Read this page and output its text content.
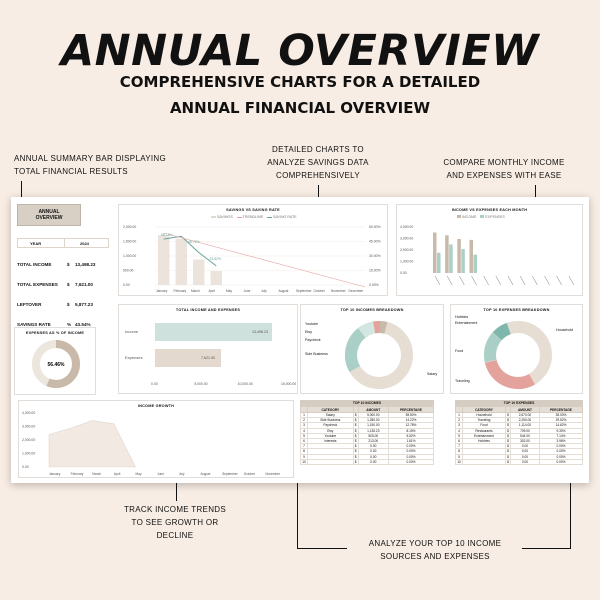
ANNUAL OVERVIEW
COMPREHENSIVE CHARTS FOR A DETAILED
ANNUAL FINANCIAL OVERVIEW
ANNUAL SUMMARY BAR DISPLAYING
TOTAL FINANCIAL RESULTS
DETAILED CHARTS TO
ANALYZE SAVINGS DATA
COMPREHENSIVELY
COMPARE MONTHLY INCOME
AND EXPENSES WITH EASE
TRACK INCOME TRENDS
TO SEE GROWTH OR
DECLINE
ANALYZE YOUR TOP 10 INCOME
SOURCES AND EXPENSES
ANNUAL
OVERVIEW
YEAR	2024
TOTAL INCOME	$ 13,498.23
TOTAL EXPENSES $ 7,621.00
LEFTOVER	$ 5,877.23
SAVINGS RATE	% 43.54%
EXPENSES AS % OF INCOME
56.46%
SAVINGS VS SAVING RATE
SAVINGS	TRENDLINE	SAVING RATE
2,000.00	60.00%
1,500.00	45.00%
1,000.00	30.00%
500.00	15.00%
0.00	0.00%
January February March	April	May	June	July	August September October November December
58.13%
45.75%
23.52%
INCOME VS EXPENSES EACH MONTH
INCOME	EXPENSES
4,000.00
3,000.00
2,000.00
1,000.00
0.00
TOTAL INCOME AND EXPENSES
Income	13,498.23
Expenses	7,621.00
0.00	5,000.00	10,000.00	15,000.00
TOP 10 INCOMES BREAKDOWN
Youtube
Etsy
Paycheck
Side Business
Salary
TOP 10 EXPENSES BREAKDOWN
Hobbies
Entertainment
Food
Traveling
Household
INCOME GROWTH
4,000.00
3,000.00
2,000.00
1,000.00
0.00
January	February	March	April	May	June	July	August	September October	November
TOP 10 INCOMES
	CATEGORY		AMOUNT	PERCENTAGE
1	Salary	$	5,000.00	55.50%
2	Side Business	$	1,280.00	14.22%
3	Paycheck	$	1,150.00	12.78%
4	Etsy	$	1,135.23	8.15%
5	Youtube	$	505.00	5.52%
6	Interests	$	213.00	1.61%
7		$	0.00	0.00%
8		$	0.00	0.00%
9		$	0.00	0.00%
10		$	0.00	0.00%
TOP 10 EXPENSES
	CATEGORY		AMOUNT	PERCENTAGE
1	Household	$	2,670.00	35.03%
2	Traveling	$	2,250.00	29.52%
3	Food	$	1,114.00	14.62%
4	Restaurants	$	709.00	9.30%
5	Entertainment	$	544.00	7.14%
6	Hobbies	$	302.00	3.96%
7		$	0.00	0.00%
8		$	0.00	0.00%
9		$	0.00	0.00%
10		$	0.00	0.00%
